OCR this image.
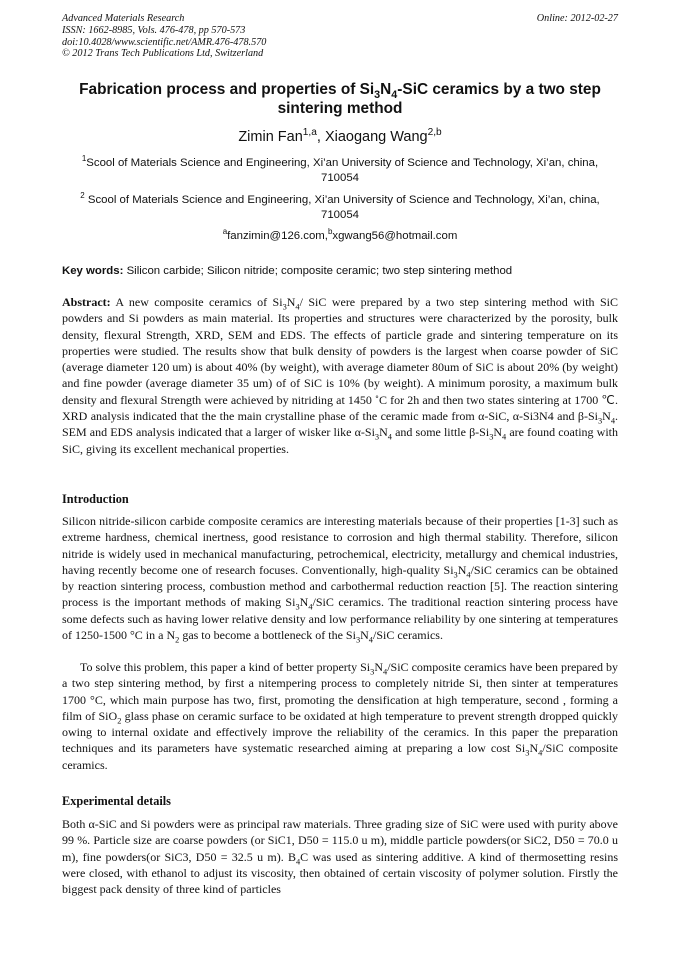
Advanced Materials Research
ISSN: 1662-8985, Vols. 476-478, pp 570-573
doi:10.4028/www.scientific.net/AMR.476-478.570
© 2012 Trans Tech Publications Ltd, Switzerland
Online: 2012-02-27
Fabrication process and properties of $Si_3N_4$-SiC ceramics by a two step sintering method
Zimin Fan$^{1,a}$, Xiaogang Wang$^{2,b}$
$^1$Scool of Materials Science and Engineering, Xi’an University of Science and Technology, Xi’an, china, 710054
$^2$ Scool of Materials Science and Engineering, Xi’an University of Science and Technology, Xi’an, china, 710054
$^a$fanzimin@126.com,$^b$xgwang56@hotmail.com
Key words: Silicon carbide; Silicon nitride; composite ceramic; two step sintering method
Abstract: A new composite ceramics of $Si_3N_4/$ SiC were prepared by a two step sintering method with SiC powders and Si powders as main material. Its properties and structures were characterized by the porosity, bulk density, flexural Strength, XRD, SEM and EDS. The effects of particle grade and sintering temperature on its properties were studied. The results show that bulk density of powders is the largest when coarse powder of SiC (average diameter 120 um) is about 40% (by weight), with average diameter 80um of SiC is about 20% (by weight) and fine powder (average diameter 35 um) of of SiC is 10% (by weight). A minimum porosity, a maximum bulk density and flexural Strength were achieved by nitriding at 1450 ˚C for 2h and then two states sintering at 1700 ℃. XRD analysis indicated that the the main crystalline phase of the ceramic made from α-SiC, α-Si3N4 and $\beta-Si_3N_4$. SEM and EDS analysis indicated that a larger of wisker like $\alpha-Si_3N_4$ and some little $\beta-Si_3N_4$ are found coating with SiC, giving its excellent mechanical properties.
Introduction
Silicon nitride-silicon carbide composite ceramics are interesting materials because of their properties [1-3] such as extreme hardness, chemical inertness, good resistance to corrosion and high thermal stability. Therefore, silicon nitride is widely used in mechanical manufacturing, petrochemical, electricity, metallurgy and chemical industries, having recently become one of research focuses. Conventionally, high-quality $Si_3N_4$/SiC ceramics can be obtained by reaction sintering process, combustion method and carbothermal reduction reaction [5]. The reaction sintering process is the important methods of making $Si_3N_4$/SiC ceramics. The traditional reaction sintering process have some defects such as having lower relative density and low performance reliability by one sintering at temperatures of 1250-1500 °C in a $N_2$ gas to become a bottleneck of the $Si_3N_4$/SiC ceramics.
To solve this problem, this paper a kind of better property $Si_3N_4$/SiC composite ceramics have been prepared by a two step sintering method, by first a nitempering process to completely nitride Si, then sinter at temperatures 1700 °C, which main purpose has two, first, promoting the densification at high temperature, second , forming a film of SiO$_2$ glass phase on ceramic surface to be oxidated at high temperature to prevent strength dropped quickly owing to internal oxidate and effectively improve the reliability of the ceramics. In this paper the preparation techniques and its parameters have systematic researched aiming at preparing a low cost $Si_3N_4$/SiC composite ceramics.
Experimental details
Both α-SiC and Si powders were as principal raw materials. Three grading size of SiC were used with purity above 99 %. Particle size are coarse powders (or SiC1, D50 = 115.0 u m), middle particle powders(or SiC2, D50 = 70.0 u m), fine powders(or SiC3, D50 = 32.5 u m). $B_4C$ was used as sintering additive. A kind of thermosetting resins were closed, with ethanol to adjust its viscosity, then obtained of certain viscosity of polymer solution. Firstly the biggest pack density of three kind of particles
